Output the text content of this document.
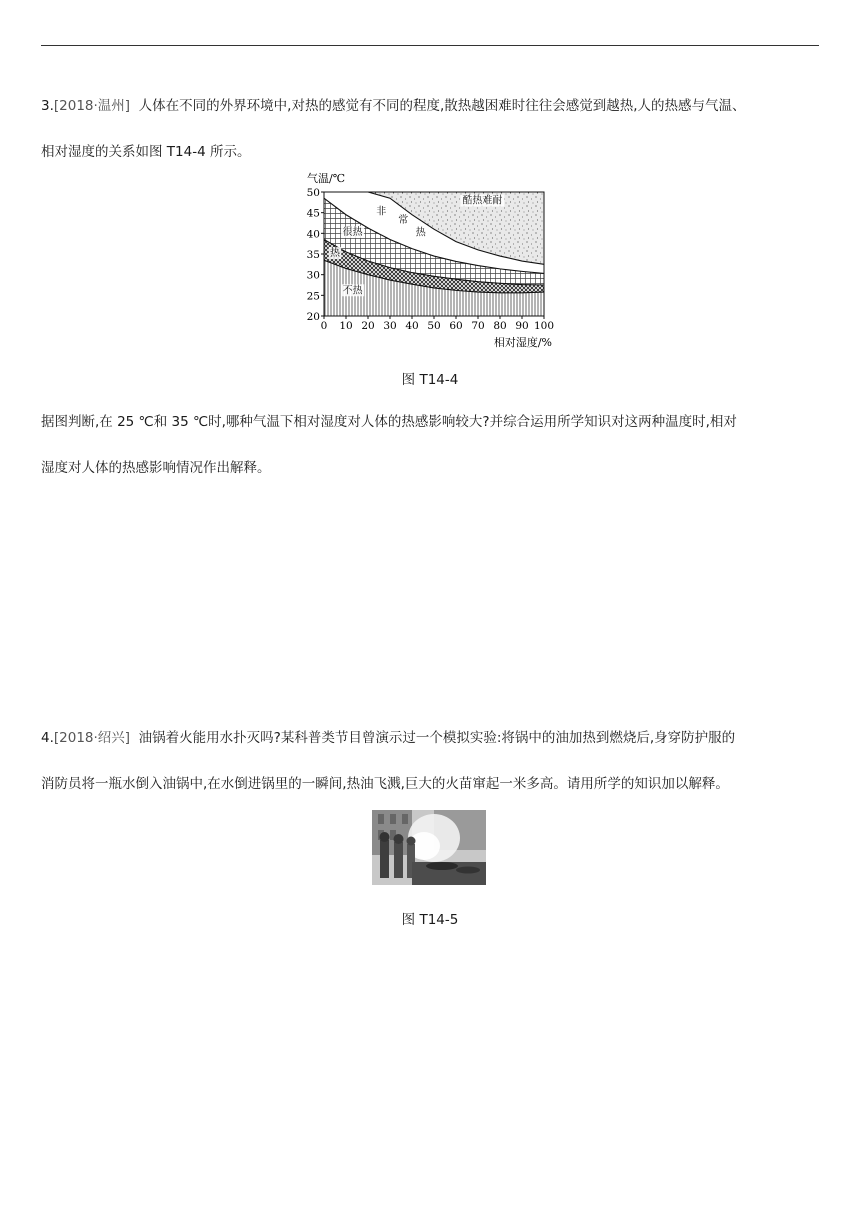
3.[2018·温州] 人体在不同的外界环境中,对热的感觉有不同的程度,散热越困难时往往会感觉到越热,人的热感与气温、
相对湿度的关系如图 T14-4 所示。
0 10 20 30 40 50 60 70 80 90 100
20
25
30
35
40
45
50
不热
热
很热
非
常
热
酷热难耐
气温/℃
相对湿度/%
图 T14-4
据图判断,在 25 ℃和 35 ℃时,哪种气温下相对湿度对人体的热感影响较大?并综合运用所学知识对这两种温度时,相对
湿度对人体的热感影响情况作出解释。
4.[2018·绍兴] 油锅着火能用水扑灭吗?某科普类节目曾演示过一个模拟实验:将锅中的油加热到燃烧后,身穿防护服的
消防员将一瓶水倒入油锅中,在水倒进锅里的一瞬间,热油飞溅,巨大的火苗窜起一米多高。请用所学的知识加以解释。
图 T14-5
